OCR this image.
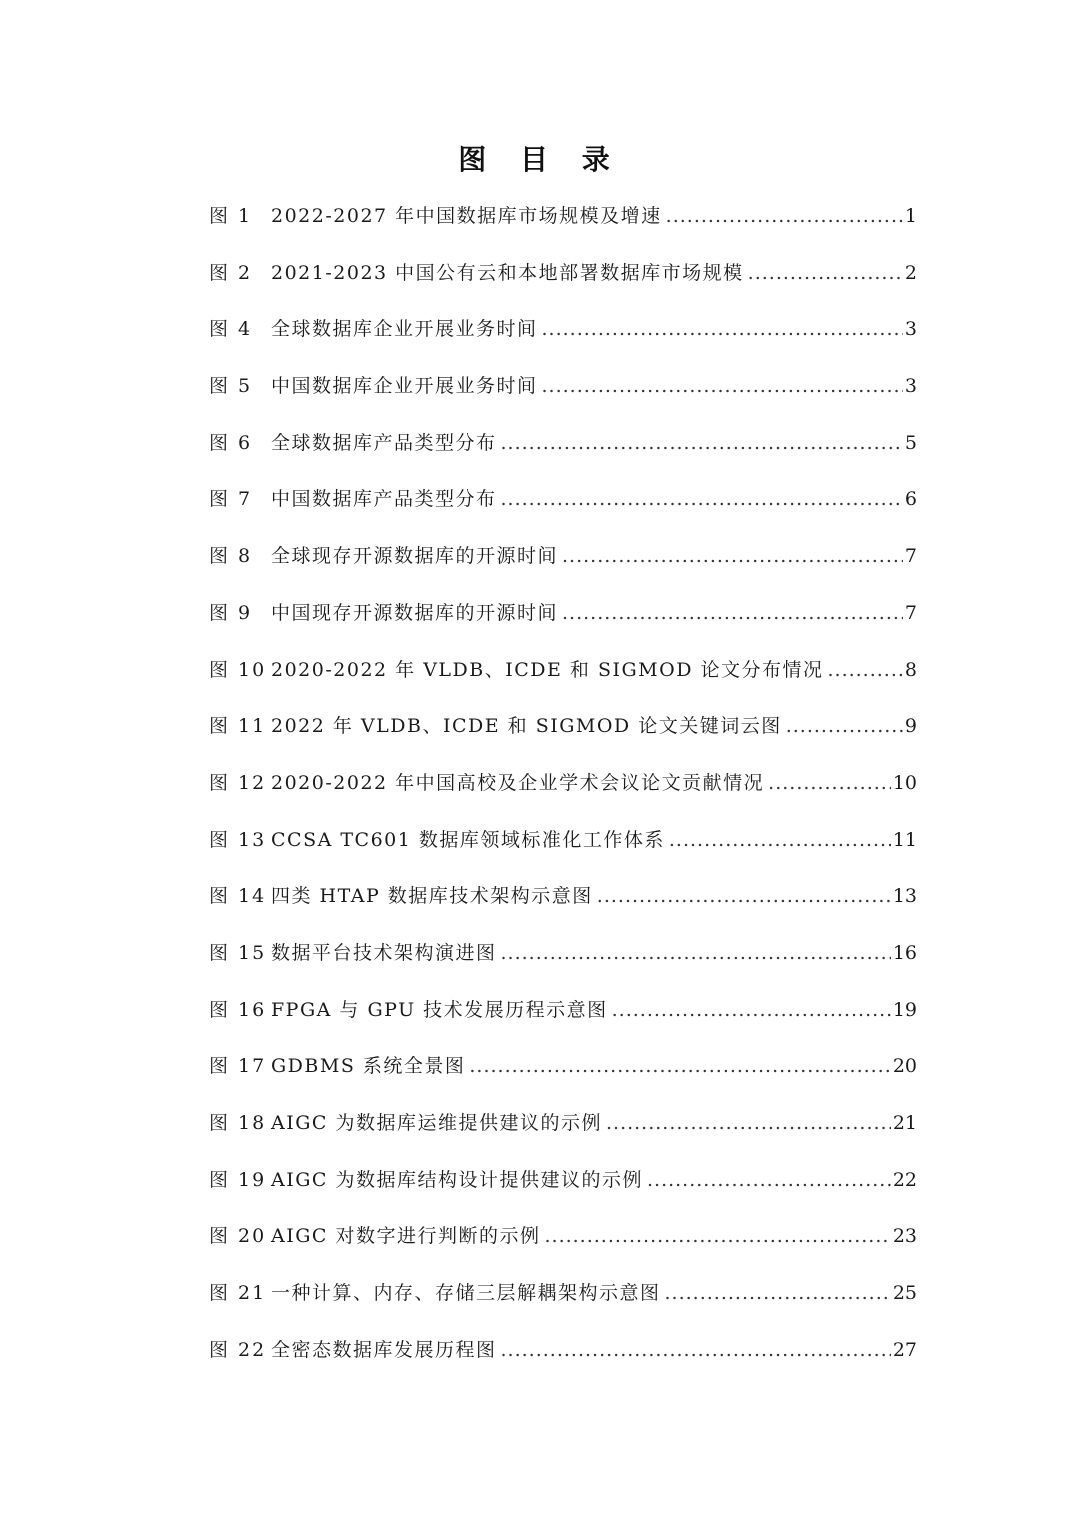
图 目 录
图 1 2022-2027 年中国数据库市场规模及增速 .....	1
图 2 2021-2023 中国公有云和本地部署数据库市场规模 .....	2
图 4 全球数据库企业开展业务时间 .....	3
图 5 中国数据库企业开展业务时间 .....	3
图 6 全球数据库产品类型分布 .....	5
图 7 中国数据库产品类型分布 .....	6
图 8 全球现存开源数据库的开源时间 .....	7
图 9 中国现存开源数据库的开源时间 .....	7
图 10 2020-2022 年 VLDB、ICDE 和 SIGMOD 论文分布情况 .....	8
图 11 2022 年 VLDB、ICDE 和 SIGMOD 论文关键词云图 .....	9
图 12 2020-2022 年中国高校及企业学术会议论文贡献情况 .....	10
图 13 CCSA TC601 数据库领域标准化工作体系 .....	11
图 14 四类 HTAP 数据库技术架构示意图 .....	13
图 15 数据平台技术架构演进图 .....	16
图 16 FPGA 与 GPU 技术发展历程示意图 .....	19
图 17 GDBMS 系统全景图 .....	20
图 18 AIGC 为数据库运维提供建议的示例 .....	21
图 19 AIGC 为数据库结构设计提供建议的示例 .....	22
图 20 AIGC 对数字进行判断的示例 .....	23
图 21 一种计算、内存、存储三层解耦架构示意图 .....	25
图 22 全密态数据库发展历程图 .....	27
